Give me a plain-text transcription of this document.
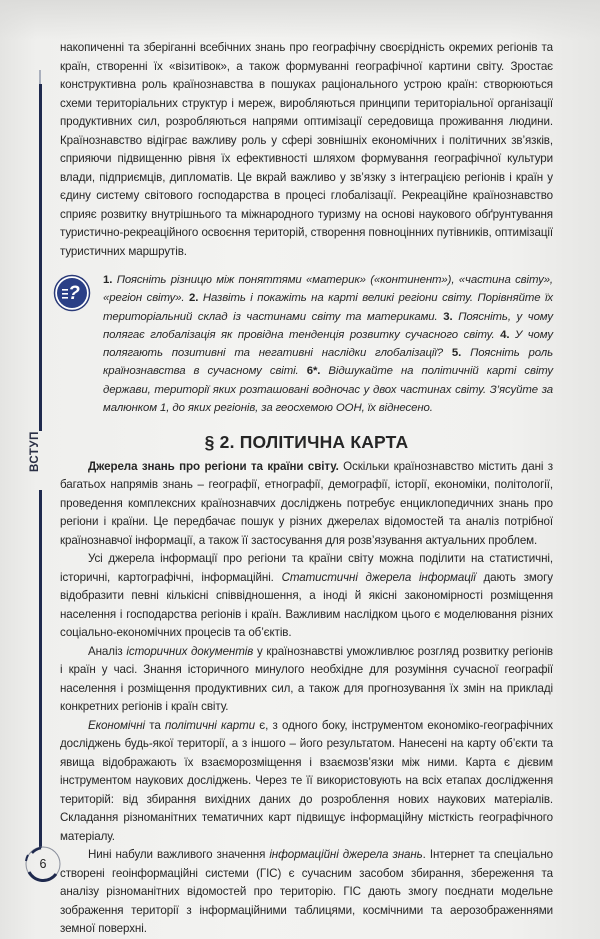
ВСТУП
6

накопиченні та зберіганні всебічних знань про географічну своєрідність окремих регіонів та країн, створенні їх «візитівок», а також формуванні географічної картини світу. Зростає конструктивна роль країнознавства в пошуках раціонального устрою країн: створюються схеми територіальних структур і мереж, виробляються принципи територіальної організації продуктивних сил, розробляються напрями оптимізації середовища проживання людини. Країнознавство відіграє важливу роль у сфері зовнішніх економічних і політичних зв’язків, сприяючи підвищенню рівня їх ефективності шляхом формування географічної культури влади, підприємців, дипломатів. Це вкрай важливо у зв’язку з інтеграцією регіонів і країн у єдину систему світового господарства в процесі глобалізації. Рекреаційне країнознавство сприяє розвитку внутрішнього та міжнародного туризму на основі наукового обґрунтування туристично-рекреаційного освоєння територій, створення повноцінних путівників, оптимізації туристичних маршрутів.

?

1. Поясніть різницю між поняттями «материк» («континент»), «частина світу», «регіон світу». 2. Назвіть і покажіть на карті великі регіони світу. Порівняйте їх територіальний склад із частинами світу та материками. 3. Поясніть, у чому полягає глобалізація як провідна тенденція розвитку сучасного світу. 4. У чому полягають позитивні та негативні наслідки глобалізації? 5. Поясніть роль країнознавства в сучасному світі. 6*. Відшукайте на політичній карті світу держави, території яких розташовані водночас у двох частинах світу. З’ясуйте за малюнком 1, до яких регіонів, за геосхемою ООН, їх віднесено.

§ 2. ПОЛІТИЧНА КАРТА

Джерела знань про регіони та країни світу. Оскільки країнознавство містить дані з багатьох напрямів знань – географії, етнографії, демографії, історії, економіки, політології, проведення комплексних країнознавчих досліджень потребує енциклопедичних знань про регіони і країни. Це передбачає пошук у різних джерелах відомостей та аналіз потрібної країнознавчої інформації, а також її застосування для розв’язування актуальних проблем.

Усі джерела інформації про регіони та країни світу можна поділити на статистичні, історичні, картографічні, інформаційні. Статистичні джерела інформації дають змогу відобразити певні кількісні співвідношення, а іноді й якісні закономірності розміщення населення і господарства регіонів і країн. Важливим наслідком цього є моделювання різних соціально-економічних процесів та об’єктів.

Аналіз історичних документів у країнознавстві уможливлює розгляд розвитку регіонів і країн у часі. Знання історичного минулого необхідне для розуміння сучасної географії населення і розміщення продуктивних сил, а також для прогнозування їх змін на прикладі конкретних регіонів і країн світу.

Економічні та політичні карти є, з одного боку, інструментом економіко-географічних досліджень будь-якої території, а з іншого – його результатом. Нанесені на карту об’єкти та явища відображають їх взаєморозміщення і взаємозв’язки між ними. Карта є дієвим інструментом наукових досліджень. Через те її використовують на всіх етапах дослідження територій: від збирання вихідних даних до розроблення нових наукових матеріалів. Складання різноманітних тематичних карт підвищує інформаційну місткість географічного матеріалу.

Нині набули важливого значення інформаційні джерела знань. Інтернет та спеціально створені геоінформаційні системи (ГІС) є сучасним засобом збирання, збереження та аналізу різноманітних відомостей про територію. ГІС дають змогу поєднати модельне зображення території з інформаційними таблицями, космічними та аерозображеннями земної поверхні.
